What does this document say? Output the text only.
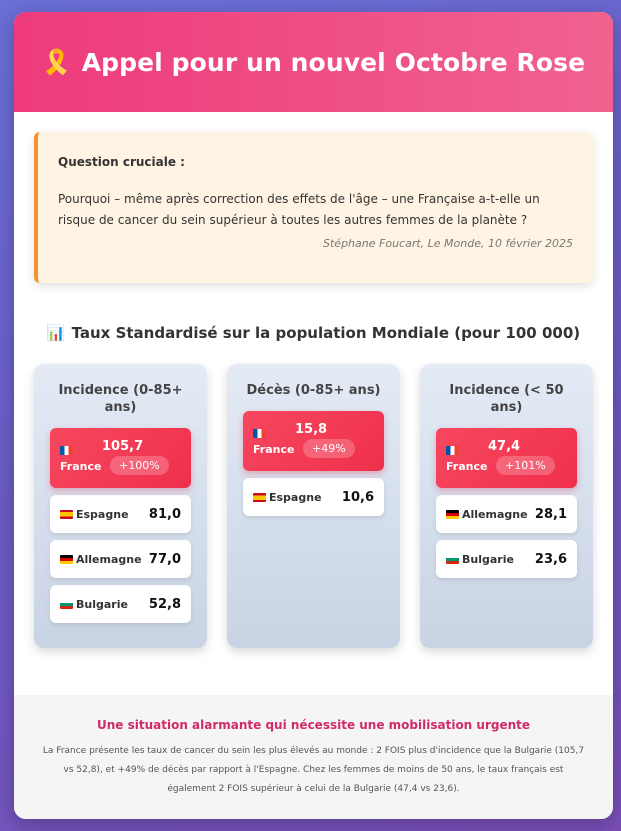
🎗️ Appel pour un nouvel Octobre Rose
Question cruciale :
Pourquoi – même après correction des effets de l'âge – une Française a-t-elle un risque de cancer du sein supérieur à toutes les autres femmes de la planète ?
Stéphane Foucart, Le Monde, 10 février 2025
📊 Taux Standardisé sur la population Mondiale (pour 100 000)
Incidence (0-85+ ans)
105,7
France	+100%
Espagne 81,0
Allemagne 77,0
Bulgarie 52,8
Décès (0-85+ ans)
15,8
France	+49%
Espagne 10,6
Incidence (< 50 ans)
47,4
France	+101%
Allemagne 28,1
Bulgarie 23,6
Une situation alarmante qui nécessite une mobilisation urgente
La France présente les taux de cancer du sein les plus élevés au monde : 2 FOIS plus d'incidence que la Bulgarie (105,7 vs 52,8), et +49% de décès par rapport à l'Espagne. Chez les femmes de moins de 50 ans, le taux français est également 2 FOIS supérieur à celui de la Bulgarie (47,4 vs 23,6).
